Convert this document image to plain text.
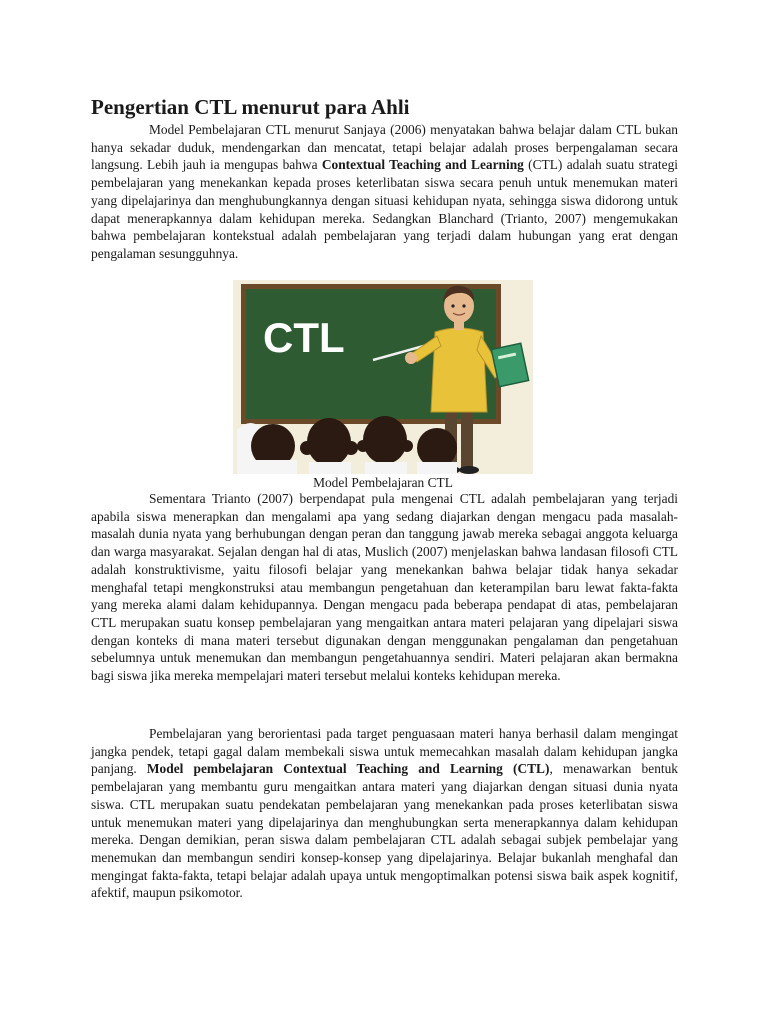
Pengertian CTL menurut para Ahli

Model Pembelajaran CTL menurut Sanjaya (2006) menyatakan bahwa belajar dalam CTL bukan hanya sekadar duduk, mendengarkan dan mencatat, tetapi belajar adalah proses berpengalaman secara langsung. Lebih jauh ia mengupas bahwa Contextual Teaching and Learning (CTL) adalah suatu strategi pembelajaran yang menekankan kepada proses keterlibatan siswa secara penuh untuk menemukan materi yang dipelajarinya dan menghubungkannya dengan situasi kehidupan nyata, sehingga siswa didorong untuk dapat menerapkannya dalam kehidupan mereka. Sedangkan Blanchard (Trianto, 2007) mengemukakan bahwa pembelajaran kontekstual adalah pembelajaran yang terjadi dalam hubungan yang erat dengan pengalaman sesungguhnya.

CTL
Model Pembelajaran CTL

Sementara Trianto (2007) berpendapat pula mengenai CTL adalah pembelajaran yang terjadi apabila siswa menerapkan dan mengalami apa yang sedang diajarkan dengan mengacu pada masalah-masalah dunia nyata yang berhubungan dengan peran dan tanggung jawab mereka sebagai anggota keluarga dan warga masyarakat. Sejalan dengan hal di atas, Muslich (2007) menjelaskan bahwa landasan filosofi CTL adalah konstruktivisme, yaitu filosofi belajar yang menekankan bahwa belajar tidak hanya sekadar menghafal tetapi mengkonstruksi atau membangun pengetahuan dan keterampilan baru lewat fakta-fakta yang mereka alami dalam kehidupannya. Dengan mengacu pada beberapa pendapat di atas, pembelajaran CTL merupakan suatu konsep pembelajaran yang mengaitkan antara materi pelajaran yang dipelajari siswa dengan konteks di mana materi tersebut digunakan dengan menggunakan pengalaman dan pengetahuan sebelumnya untuk menemukan dan membangun pengetahuannya sendiri. Materi pelajaran akan bermakna bagi siswa jika mereka mempelajari materi tersebut melalui konteks kehidupan mereka.

Pembelajaran yang berorientasi pada target penguasaan materi hanya berhasil dalam mengingat jangka pendek, tetapi gagal dalam membekali siswa untuk memecahkan masalah dalam kehidupan jangka panjang. Model pembelajaran Contextual Teaching and Learning (CTL), menawarkan bentuk pembelajaran yang membantu guru mengaitkan antara materi yang diajarkan dengan situasi dunia nyata siswa. CTL merupakan suatu pendekatan pembelajaran yang menekankan pada proses keterlibatan siswa untuk menemukan materi yang dipelajarinya dan menghubungkan serta menerapkannya dalam kehidupan mereka. Dengan demikian, peran siswa dalam pembelajaran CTL adalah sebagai subjek pembelajar yang menemukan dan membangun sendiri konsep-konsep yang dipelajarinya. Belajar bukanlah menghafal dan mengingat fakta-fakta, tetapi belajar adalah upaya untuk mengoptimalkan potensi siswa baik aspek kognitif, afektif, maupun psikomotor.
